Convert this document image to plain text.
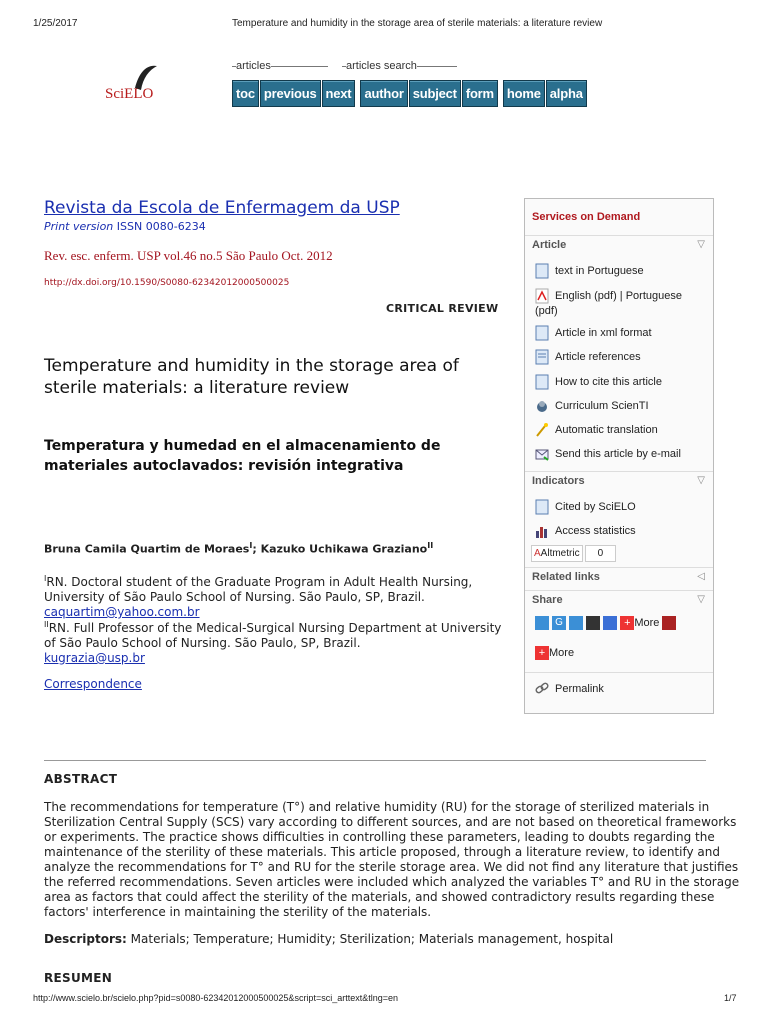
1/25/2017	Temperature and humidity in the storage area of sterile materials: a literature review
SciELO
articles	articles search
toc previous next	author subject form	home alpha
Revista da Escola de Enfermagem da USP
Print version ISSN 0080-6234
Rev. esc. enferm. USP vol.46 no.5 São Paulo Oct. 2012
http://dx.doi.org/10.1590/S0080-62342012000500025
CRITICAL REVIEW
Temperature and humidity in the storage area of sterile materials: a literature review
Temperatura y humedad en el almacenamiento de materiales autoclavados: revisión integrativa
Bruna Camila Quartim de Moraes$^I$; Kazuko Uchikawa Graziano$^{II}$
$^I$RN. Doctoral student of the Graduate Program in Adult Health Nursing, University of São Paulo School of Nursing. São Paulo, SP, Brazil.
caquartim@yahoo.com.br
$^{II}$RN. Full Professor of the Medical-Surgical Nursing Department at University of São Paulo School of Nursing. São Paulo, SP, Brazil.
kugrazia@usp.br
Correspondence
Services on Demand
Article	▽
text in Portuguese
English (pdf) | Portuguese (pdf)
Article in xml format
Article references
How to cite this article
Curriculum ScienTI
Automatic translation
Send this article by e-mail
Indicators	▽
Cited by SciELO
Access statistics
AAltmetric 0
Related links	◁
Share	▽
G	+ More
+ More
Permalink
ABSTRACT
The recommendations for temperature (T°) and relative humidity (RU) for the storage of sterilized materials in Sterilization Central Supply (SCS) vary according to different sources, and are not based on theoretical frameworks or experiments. The practice shows difficulties in controlling these parameters, leading to doubts regarding the maintenance of the sterility of these materials. This article proposed, through a literature review, to identify and analyze the recommendations for T° and RU for the sterile storage area. We did not find any literature that justifies the referred recommendations. Seven articles were included which analyzed the variables T° and RU in the storage area as factors that could affect the sterility of the materials, and showed contradictory results regarding these factors' interference in maintaining the sterility of the materials.
Descriptors: Materials; Temperature; Humidity; Sterilization; Materials management, hospital
RESUMEN
http://www.scielo.br/scielo.php?pid=s0080-62342012000500025&script=sci_arttext&tlng=en	1/7
